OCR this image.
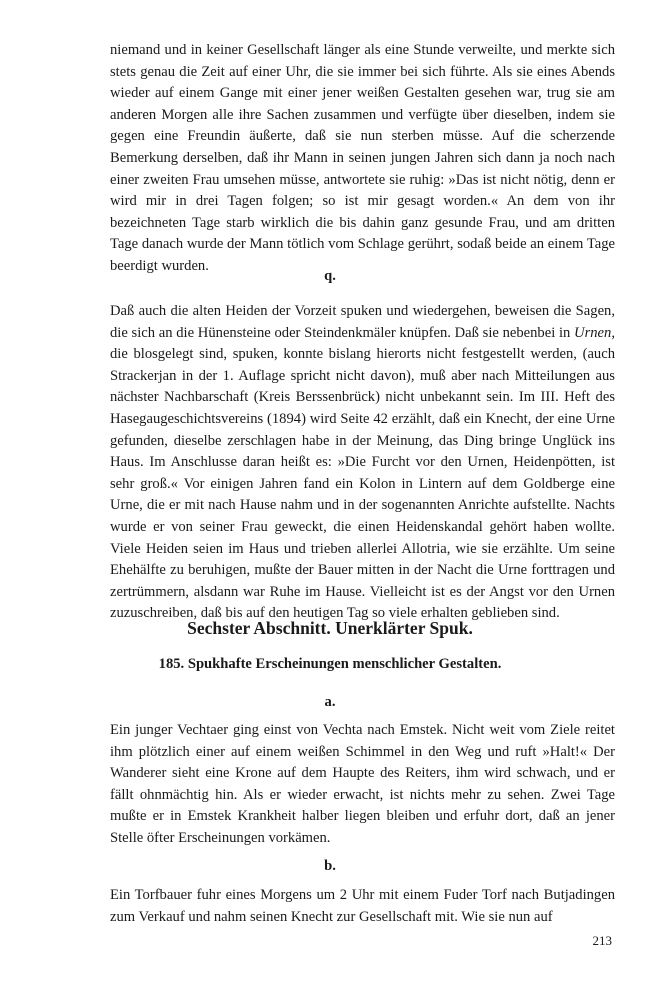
niemand und in keiner Gesellschaft länger als eine Stunde verweilte, und merkte sich stets genau die Zeit auf einer Uhr, die sie immer bei sich führte. Als sie eines Abends wieder auf einem Gange mit einer jener weißen Gestalten gesehen war, trug sie am anderen Morgen alle ihre Sachen zusammen und verfügte über dieselben, indem sie gegen eine Freundin äußerte, daß sie nun sterben müsse. Auf die scherzende Bemerkung derselben, daß ihr Mann in seinen jungen Jahren sich dann ja noch nach einer zweiten Frau umsehen müsse, antwortete sie ruhig: »Das ist nicht nötig, denn er wird mir in drei Tagen folgen; so ist mir gesagt worden.« An dem von ihr bezeichneten Tage starb wirklich die bis dahin ganz gesunde Frau, und am dritten Tage danach wurde der Mann tötlich vom Schlage gerührt, sodaß beide an einem Tage beerdigt wurden.

q.

Daß auch die alten Heiden der Vorzeit spuken und wiedergehen, beweisen die Sagen, die sich an die Hünensteine oder Steindenkmäler knüpfen. Daß sie nebenbei in Urnen, die blosgelegt sind, spuken, konnte bislang hierorts nicht festgestellt werden, (auch Strackerjan in der 1. Auflage spricht nicht davon), muß aber nach Mitteilungen aus nächster Nachbarschaft (Kreis Berssenbrück) nicht unbekannt sein. Im III. Heft des Hasegaugeschichtsvereins (1894) wird Seite 42 erzählt, daß ein Knecht, der eine Urne gefunden, dieselbe zerschlagen habe in der Meinung, das Ding bringe Unglück ins Haus. Im Anschlusse daran heißt es: »Die Furcht vor den Urnen, Heidenpötten, ist sehr groß.« Vor einigen Jahren fand ein Kolon in Lintern auf dem Goldberge eine Urne, die er mit nach Hause nahm und in der sogenannten Anrichte aufstellte. Nachts wurde er von seiner Frau geweckt, die einen Heidenskandal gehört haben wollte. Viele Heiden seien im Haus und trieben allerlei Allotria, wie sie erzählte. Um seine Ehehälfte zu beruhigen, mußte der Bauer mitten in der Nacht die Urne forttragen und zertrümmern, alsdann war Ruhe im Hause. Vielleicht ist es der Angst vor den Urnen zuzuschreiben, daß bis auf den heutigen Tag so viele erhalten geblieben sind.

Sechster Abschnitt. Unerklärter Spuk.

185. Spukhafte Erscheinungen menschlicher Gestalten.

a.

Ein junger Vechtaer ging einst von Vechta nach Emstek. Nicht weit vom Ziele reitet ihm plötzlich einer auf einem weißen Schimmel in den Weg und ruft »Halt!« Der Wanderer sieht eine Krone auf dem Haupte des Reiters, ihm wird schwach, und er fällt ohnmächtig hin. Als er wieder erwacht, ist nichts mehr zu sehen. Zwei Tage mußte er in Emstek Krankheit halber liegen bleiben und erfuhr dort, daß an jener Stelle öfter Erscheinungen vorkämen.

b.

Ein Torfbauer fuhr eines Morgens um 2 Uhr mit einem Fuder Torf nach Butjadingen zum Verkauf und nahm seinen Knecht zur Gesellschaft mit. Wie sie nun auf

213
